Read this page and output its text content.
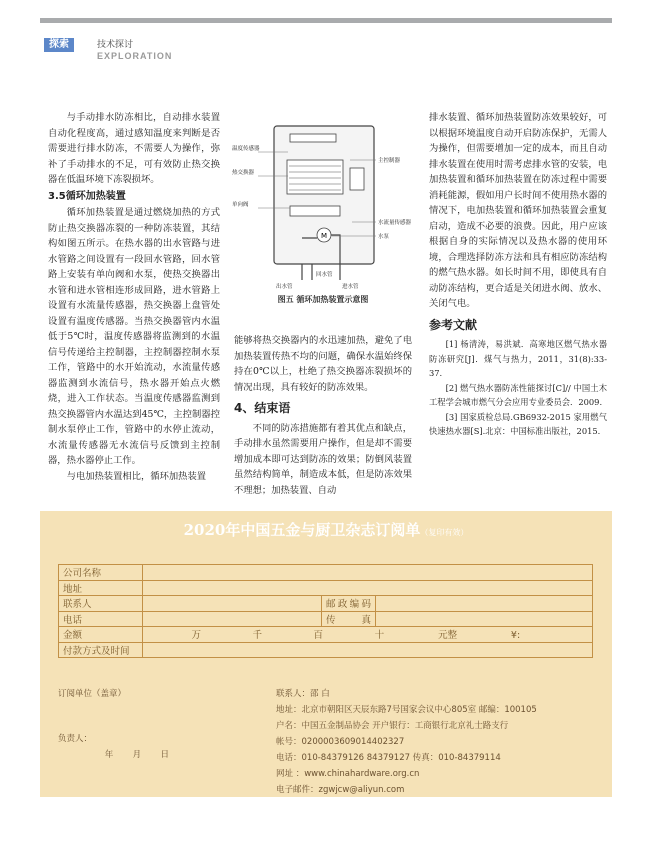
探索	技术探讨
EXPLORATION

与手动排水防冻相比，自动排水装置自动化程度高，通过感知温度来判断是否需要进行排水防冻，不需要人为操作，弥补了手动排水的不足，可有效防止热交换器在低温环境下冻裂损坏。

3.5循环加热装置

循环加热装置是通过燃烧加热的方式防止热交换器冻裂的一种防冻装置，其结构如图五所示。在热水器的出水管路与进水管路之间设置有一段回水管路，回水管路上安装有单向阀和水泵，使热交换器出水管和进水管相连形成回路，进水管路上设置有水流量传感器，热交换器上盘管处设置有温度传感器。当热交换器管内水温低于5℃时，温度传感器将监测到的水温信号传递给主控制器，主控制器控制水泵工作，管路中的水开始流动，水流量传感器监测到水流信号，热水器开始点火燃烧，进入工作状态。当温度传感器监测到热交换器管内水温达到45℃，主控制器控制水泵停止工作，管路中的水停止流动，水流量传感器无水流信号反馈到主控制器，热水器停止工作。

与电加热装置相比，循环加热装置

M
温度传感器
热交换器
单向阀
主控制器
水流量传感器
水泵
出水管
回水管
进水管
图五 循环加热装置示意图

能够将热交换器内的水迅速加热，避免了电加热装置传热不均的问题，确保水温始终保持在0℃以上，杜绝了热交换器冻裂损坏的情况出现，具有较好的防冻效果。

4、结束语

不同的防冻措施都有着其优点和缺点，手动排水虽然需要用户操作，但是却不需要增加成本即可达到防冻的效果；防倒风装置虽然结构简单，制造成本低，但是防冻效果不理想；加热装置、自动

排水装置、循环加热装置防冻效果较好，可以根据环境温度自动开启防冻保护，无需人为操作，但需要增加一定的成本，而且自动排水装置在使用时需考虑排水管的安装，电加热装置和循环加热装置在防冻过程中需要消耗能源，假如用户长时间不使用热水器的情况下，电加热装置和循环加热装置会重复启动，造成不必要的浪费。因此，用户应该根据自身的实际情况以及热水器的使用环境，合理选择防冻方法和具有相应防冻结构的燃气热水器。如长时间不用，即使具有自动防冻结构，更合适是关闭进水阀、放水、关闭气电。

参考文献

[1] 杨清涛，易洪斌．高寒地区燃气热水器防冻研究[J]．煤气与热力，2011，31(8):33-37.

[2] 燃气热水器防冻性能探讨[C]// 中国土木工程学会城市燃气分会应用专业委员会．2009.

[3] 国家质检总局.GB6932-2015 家用燃气快速热水器[S].北京：中国标准出版社，2015.

2020年中国五金与厨卫杂志订阅单（复印有效）
公司名称			
地址			
联系人		邮政编码	
电话		传真	
金额	万 千 百 十 元整 ¥:		
付款方式及时间			
订阅单位（盖章）
负责人：
年 月 日
联系人：邵 白
地址：北京市朝阳区天辰东路7号国家会议中心805室 邮编：100105
户名：中国五金制品协会 开户银行：工商银行北京礼士路支行
帐号：0200003609014402327
电话：010-84379126 84379127 传真：010-84379114
网址 ：www.chinahardware.org.cn
电子邮件：zgwjcw@aliyun.com
